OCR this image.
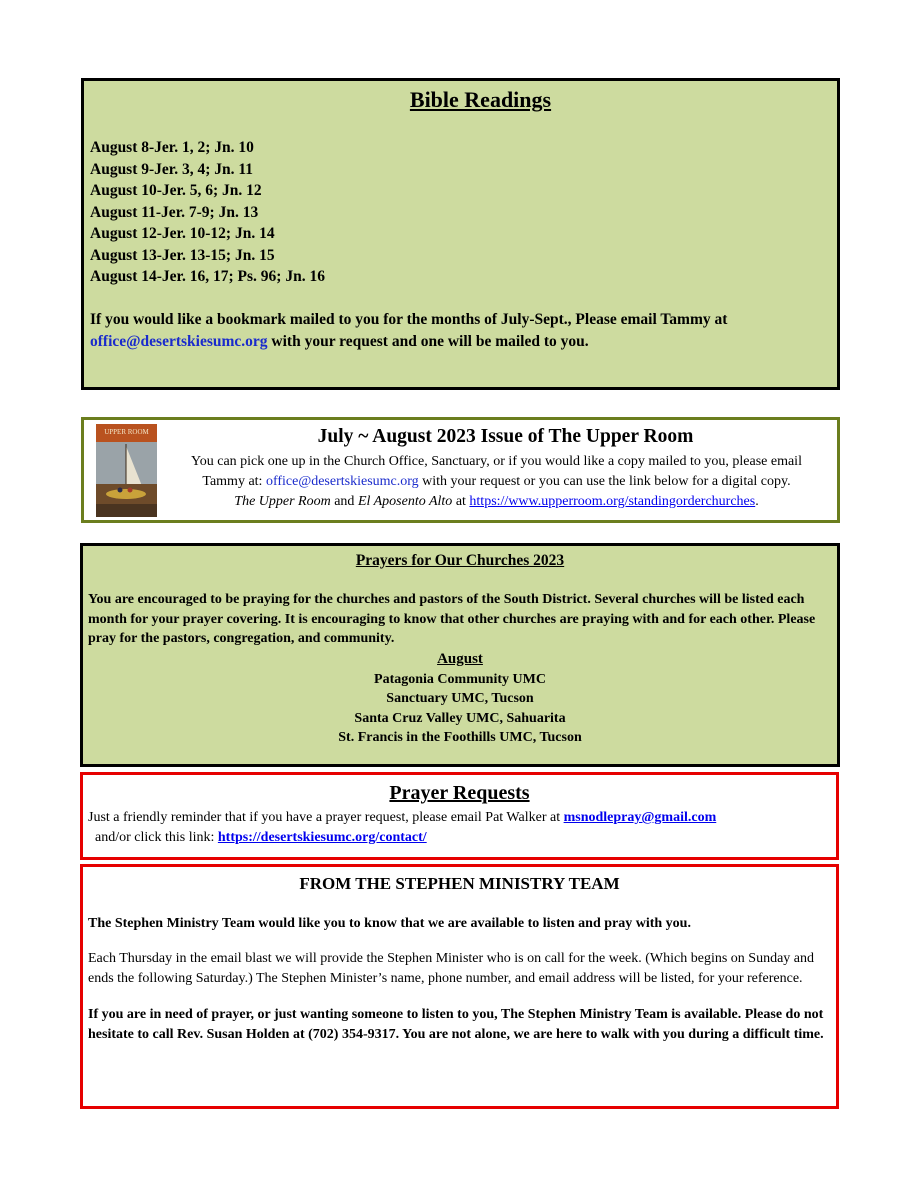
Bible Readings
August 8-Jer. 1, 2; Jn. 10
August 9-Jer. 3, 4; Jn. 11
August 10-Jer. 5, 6; Jn. 12
August 11-Jer. 7-9; Jn. 13
August 12-Jer. 10-12; Jn. 14
August 13-Jer. 13-15; Jn. 15
August 14-Jer. 16, 17; Ps. 96; Jn. 16
If you would like a bookmark mailed to you for the months of July-Sept., Please email Tammy at office@desertskiesumc.org with your request and one will be mailed to you.
UPPER ROOM	July ~ August 2023 Issue of The Upper Room
You can pick one up in the Church Office, Sanctuary, or if you would like a copy mailed to you, please email
Tammy at: office@desertskiesumc.org with your request or you can use the link below for a digital copy.
The Upper Room and El Aposento Alto at https://www.upperroom.org/standingorderchurches.
Prayers for Our Churches 2023
You are encouraged to be praying for the churches and pastors of the South District. Several churches will be listed each month for your prayer covering. It is encouraging to know that other churches are praying with and for each other. Please pray for the pastors, congregation, and community.
August
Patagonia Community UMC
Sanctuary UMC, Tucson
Santa Cruz Valley UMC, Sahuarita
St. Francis in the Foothills UMC, Tucson
Prayer Requests
Just a friendly reminder that if you have a prayer request, please email Pat Walker at msnodlepray@gmail.com  and/or click this link: https://desertskiesumc.org/contact/
FROM THE STEPHEN MINISTRY TEAM
The Stephen Ministry Team would like you to know that we are available to listen and pray with you.
Each Thursday in the email blast we will provide the Stephen Minister who is on call for the week. (Which begins on Sunday and ends the following Saturday.) The Stephen Minister’s name, phone number, and email address will be listed, for your reference.
If you are in need of prayer, or just wanting someone to listen to you, The Stephen Ministry Team is available. Please do not hesitate to call Rev. Susan Holden at (702) 354-9317. You are not alone, we are here to walk with you during a difficult time.
